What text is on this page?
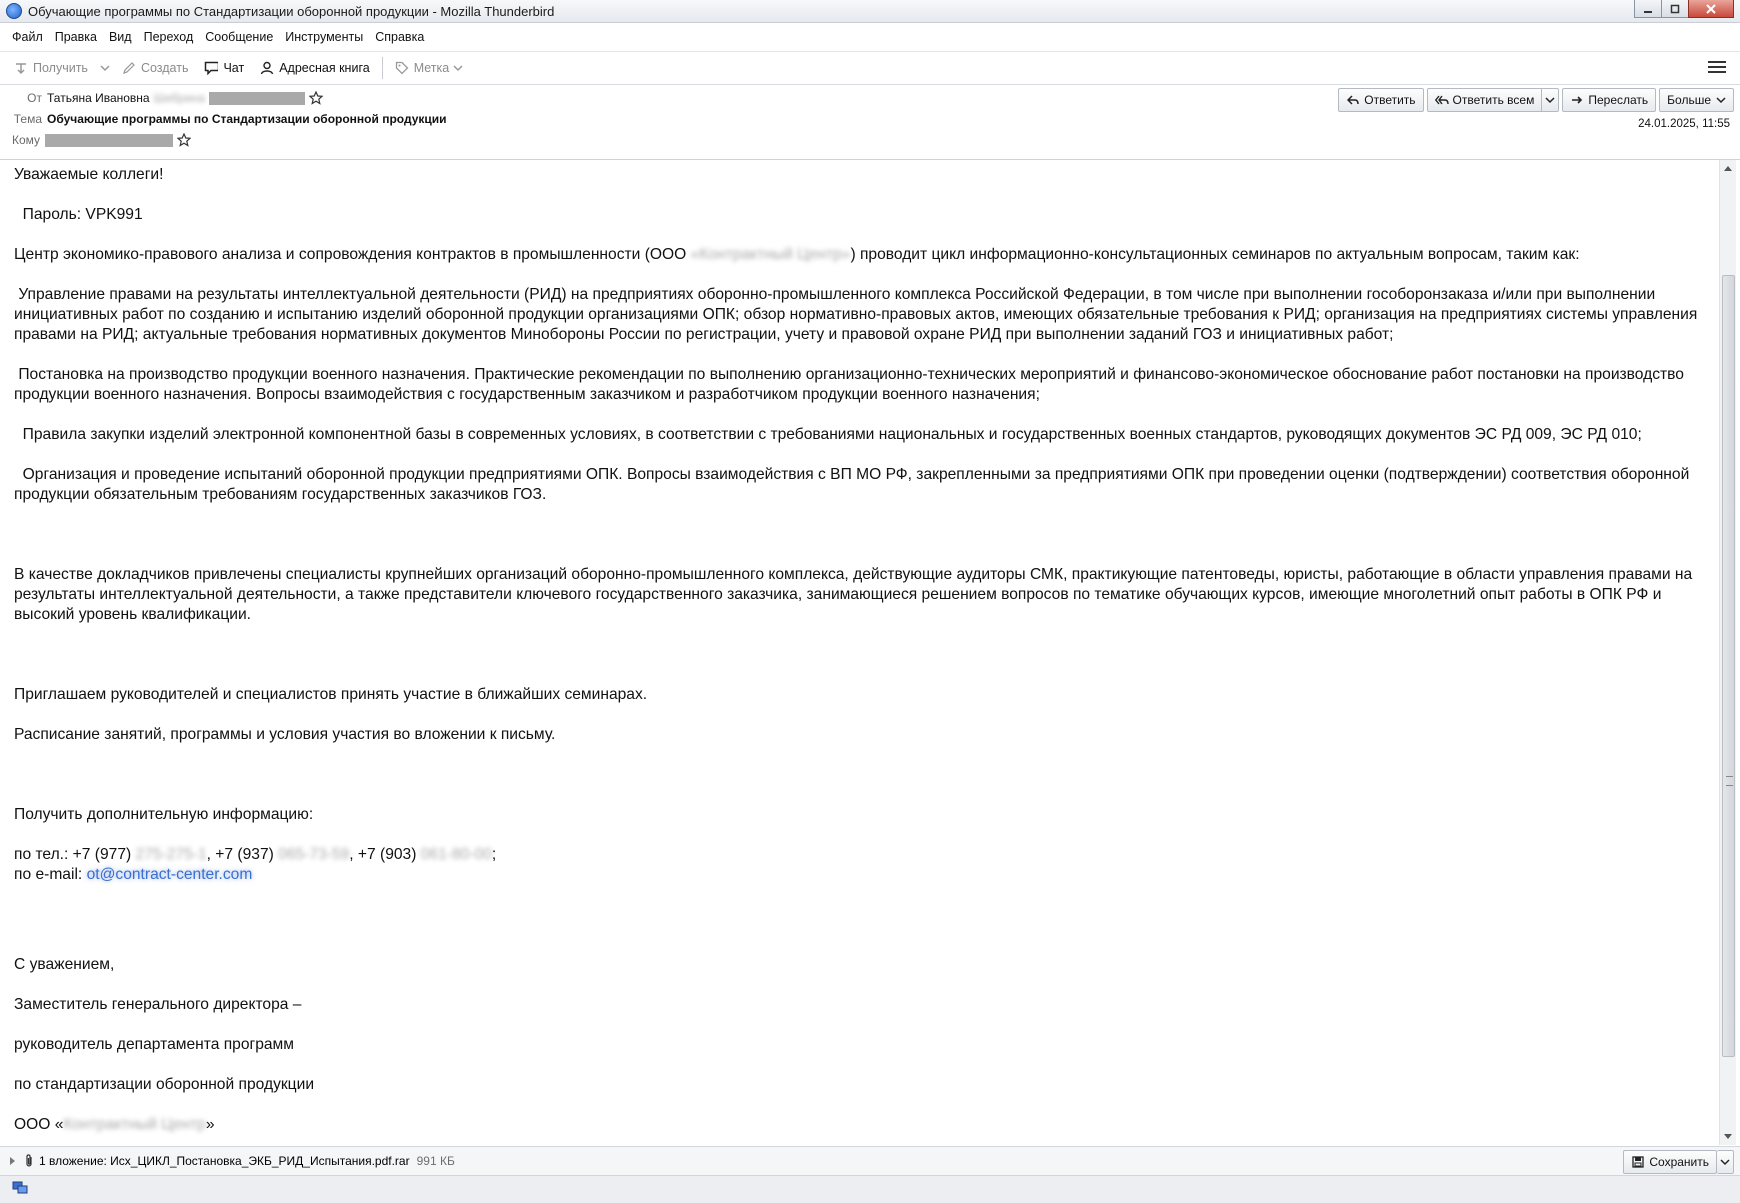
Обучающие программы по Стандартизации оборонной продукции - Mozilla Thunderbird
Файл Правка Вид Переход Сообщение Инструменты Справка
Получить	Создать	Чат	Адресная книга	Метка
От Татьяна Ивановна Шибрина
Тема Обучающие программы по Стандартизации оборонной продукции
Кому
Ответить	Ответить всем	Переслать Больше
24.01.2025, 11:55

Уважаемые коллеги!

Пароль: VPK991

Центр экономико-правового анализа и сопровождения контрактов в промышленности (ООО «Контрактный Центр») проводит цикл информационно-консультационных семинаров по актуальным вопросам, таким как:

Управление правами на результаты интеллектуальной деятельности (РИД) на предприятиях оборонно-промышленного комплекса Российской Федерации, в том числе при выполнении гособоронзаказа и/или при выполнении инициативных работ по созданию и испытанию изделий оборонной продукции организациями ОПК; обзор нормативно-правовых актов, имеющих обязательные требования к РИД; организация на предприятиях системы управления правами на РИД; актуальные требования нормативных документов Минобороны России по регистрации, учету и правовой охране РИД при выполнении заданий ГОЗ и инициативных работ;

Постановка на производство продукции военного назначения. Практические рекомендации по выполнению организационно-технических мероприятий и финансово-экономическое обоснование работ постановки на производство продукции военного назначения. Вопросы взаимодействия с государственным заказчиком и разработчиком продукции военного назначения;

Правила закупки изделий электронной компонентной базы в современных условиях, в соответствии с требованиями национальных и государственных военных стандартов, руководящих документов ЭС РД 009, ЭС РД 010;

Организация и проведение испытаний оборонной продукции предприятиями ОПК. Вопросы взаимодействия с ВП МО РФ, закрепленными за предприятиями ОПК при проведении оценки (подтверждении) соответствия оборонной продукции обязательным требованиям государственных заказчиков ГОЗ.

В качестве докладчиков привлечены специалисты крупнейших организаций оборонно-промышленного комплекса, действующие аудиторы СМК, практикующие патентоведы, юристы, работающие в области управления правами на результаты интеллектуальной деятельности, а также представители ключевого государственного заказчика, занимающиеся решением вопросов по тематике обучающих курсов, имеющие многолетний опыт работы в ОПК РФ и высокий уровень квалификации.

Приглашаем руководителей и специалистов принять участие в ближайших семинарах.

Расписание занятий, программы и условия участия во вложении к письму.

Получить дополнительную информацию:

по тел.: +7 (977) 275-275-1, +7 (937) 065-73-59, +7 (903) 061-80-00;

по e-mail: ot@contract-center.com

С уважением,

Заместитель генерального директора –

руководитель департамента программ

по стандартизации оборонной продукции

ООО «Контрактный Центр»

1 вложение: Исх_ЦИКЛ_Постановка_ЭКБ_РИД_Испытания.pdf.rar 991 КБ	Сохранить
